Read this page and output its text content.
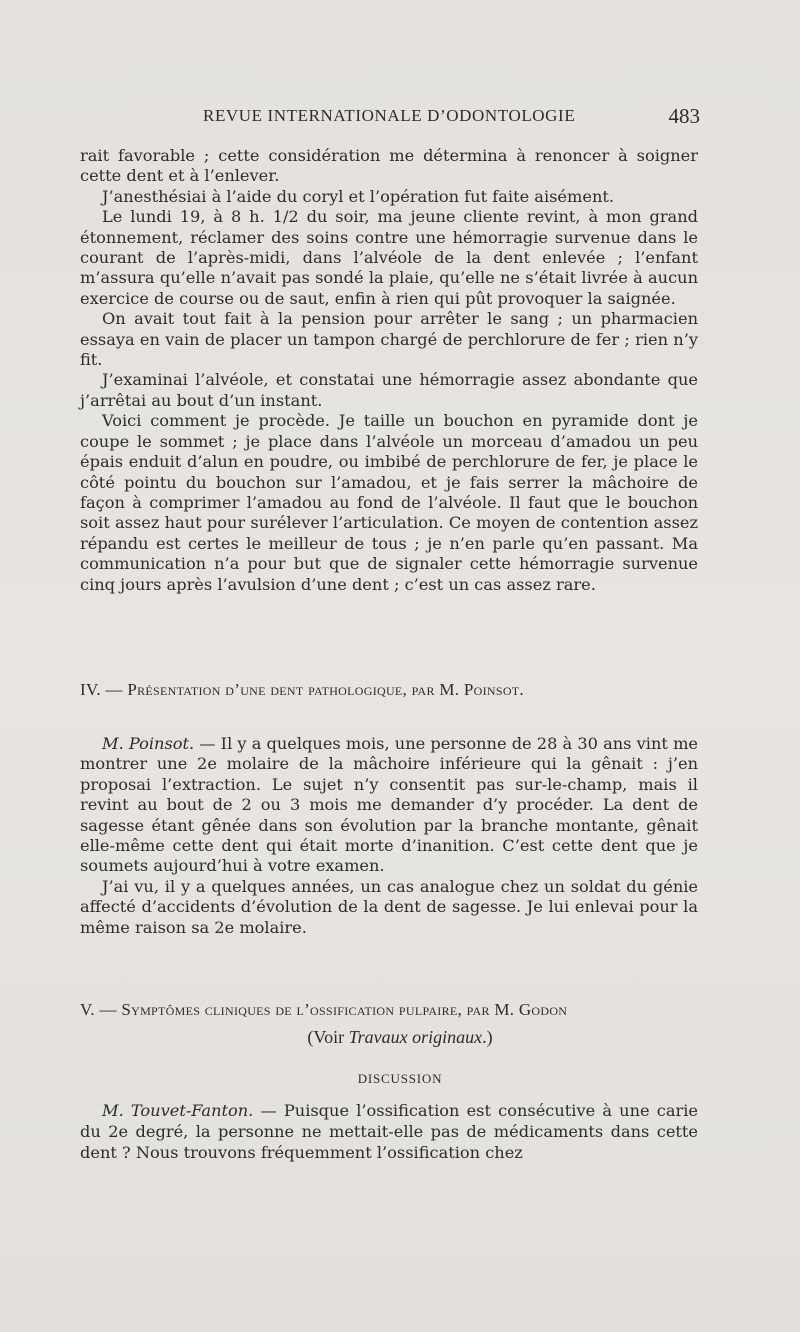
REVUE INTERNATIONALE D’ODONTOLOGIE	483

rait favorable ; cette considération me détermina à renoncer à soigner cette dent et à l’enlever.

J’anesthésiai à l’aide du coryl et l’opération fut faite aisément.

Le lundi 19, à 8 h. 1/2 du soir, ma jeune cliente revint, à mon grand étonnement, réclamer des soins contre une hémorragie survenue dans le courant de l’après-midi, dans l’alvéole de la dent enlevée ; l’enfant m’assura qu’elle n’avait pas sondé la plaie, qu’elle ne s’était livrée à aucun exercice de course ou de saut, enfin à rien qui pût provoquer la saignée.

On avait tout fait à la pension pour arrêter le sang ; un pharmacien essaya en vain de placer un tampon chargé de perchlorure de fer ; rien n’y fit.

J’examinai l’alvéole, et constatai une hémorragie assez abondante que j’arrêtai au bout d’un instant.

Voici comment je procède. Je taille un bouchon en pyramide dont je coupe le sommet ; je place dans l’alvéole un morceau d’amadou un peu épais enduit d’alun en poudre, ou imbibé de perchlorure de fer, je place le côté pointu du bouchon sur l’amadou, et je fais serrer la mâchoire de façon à comprimer l’amadou au fond de l’alvéole. Il faut que le bouchon soit assez haut pour surélever l’articulation. Ce moyen de contention assez répandu est certes le meilleur de tous ; je n’en parle qu’en passant. Ma communication n’a pour but que de signaler cette hémorragie survenue cinq jours après l’avulsion d’une dent ; c’est un cas assez rare.

IV. — Présentation d’une dent pathologique, par M. Poinsot.

M. Poinsot. — Il y a quelques mois, une personne de 28 à 30 ans vint me montrer une 2e molaire de la mâchoire inférieure qui la gênait : j’en proposai l’extraction. Le sujet n’y consentit pas sur-le-champ, mais il revint au bout de 2 ou 3 mois me demander d’y procéder. La dent de sagesse étant gênée dans son évolution par la branche montante, gênait elle-même cette dent qui était morte d’inanition. C’est cette dent que je soumets aujourd’hui à votre examen.

J’ai vu, il y a quelques années, un cas analogue chez un soldat du génie affecté d’accidents d’évolution de la dent de sagesse. Je lui enlevai pour la même raison sa 2e molaire.

V. — Symptômes cliniques de l’ossification pulpaire, par M. Godon

(Voir Travaux originaux.)
DISCUSSION

M. Touvet-Fanton. — Puisque l’ossification est consécutive à une carie du 2e degré, la personne ne mettait-elle pas de médicaments dans cette dent ? Nous trouvons fréquemment l’ossification chez
